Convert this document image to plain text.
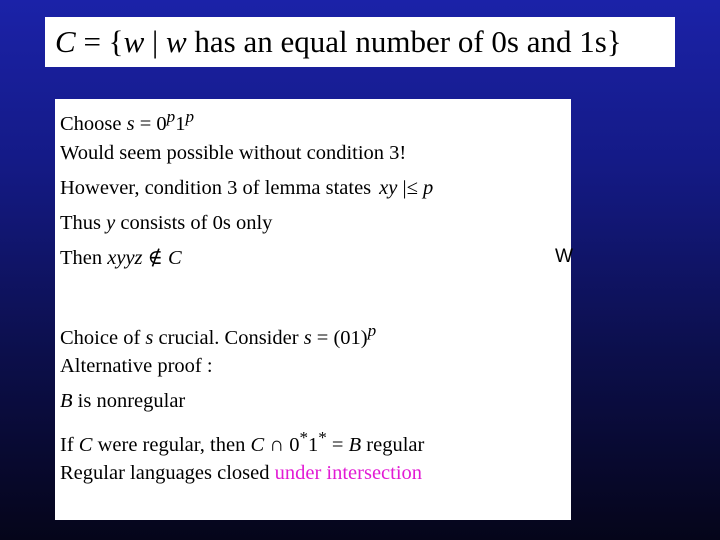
C = {w | w has an equal number of 0s and 1s}
Choose $s = 0^p1^p$
Would seem possible without condition 3!
However, condition 3 of lemma states xy |≤ p
Thus y consists of 0s only
Then xyyz ∉ C
Choice of s crucial. Consider $s = (01)^p$
Alternative proof :
B is nonregular
If C were regular, then C ∩ 0*1* = B regular
Regular languages closed under intersection
W
